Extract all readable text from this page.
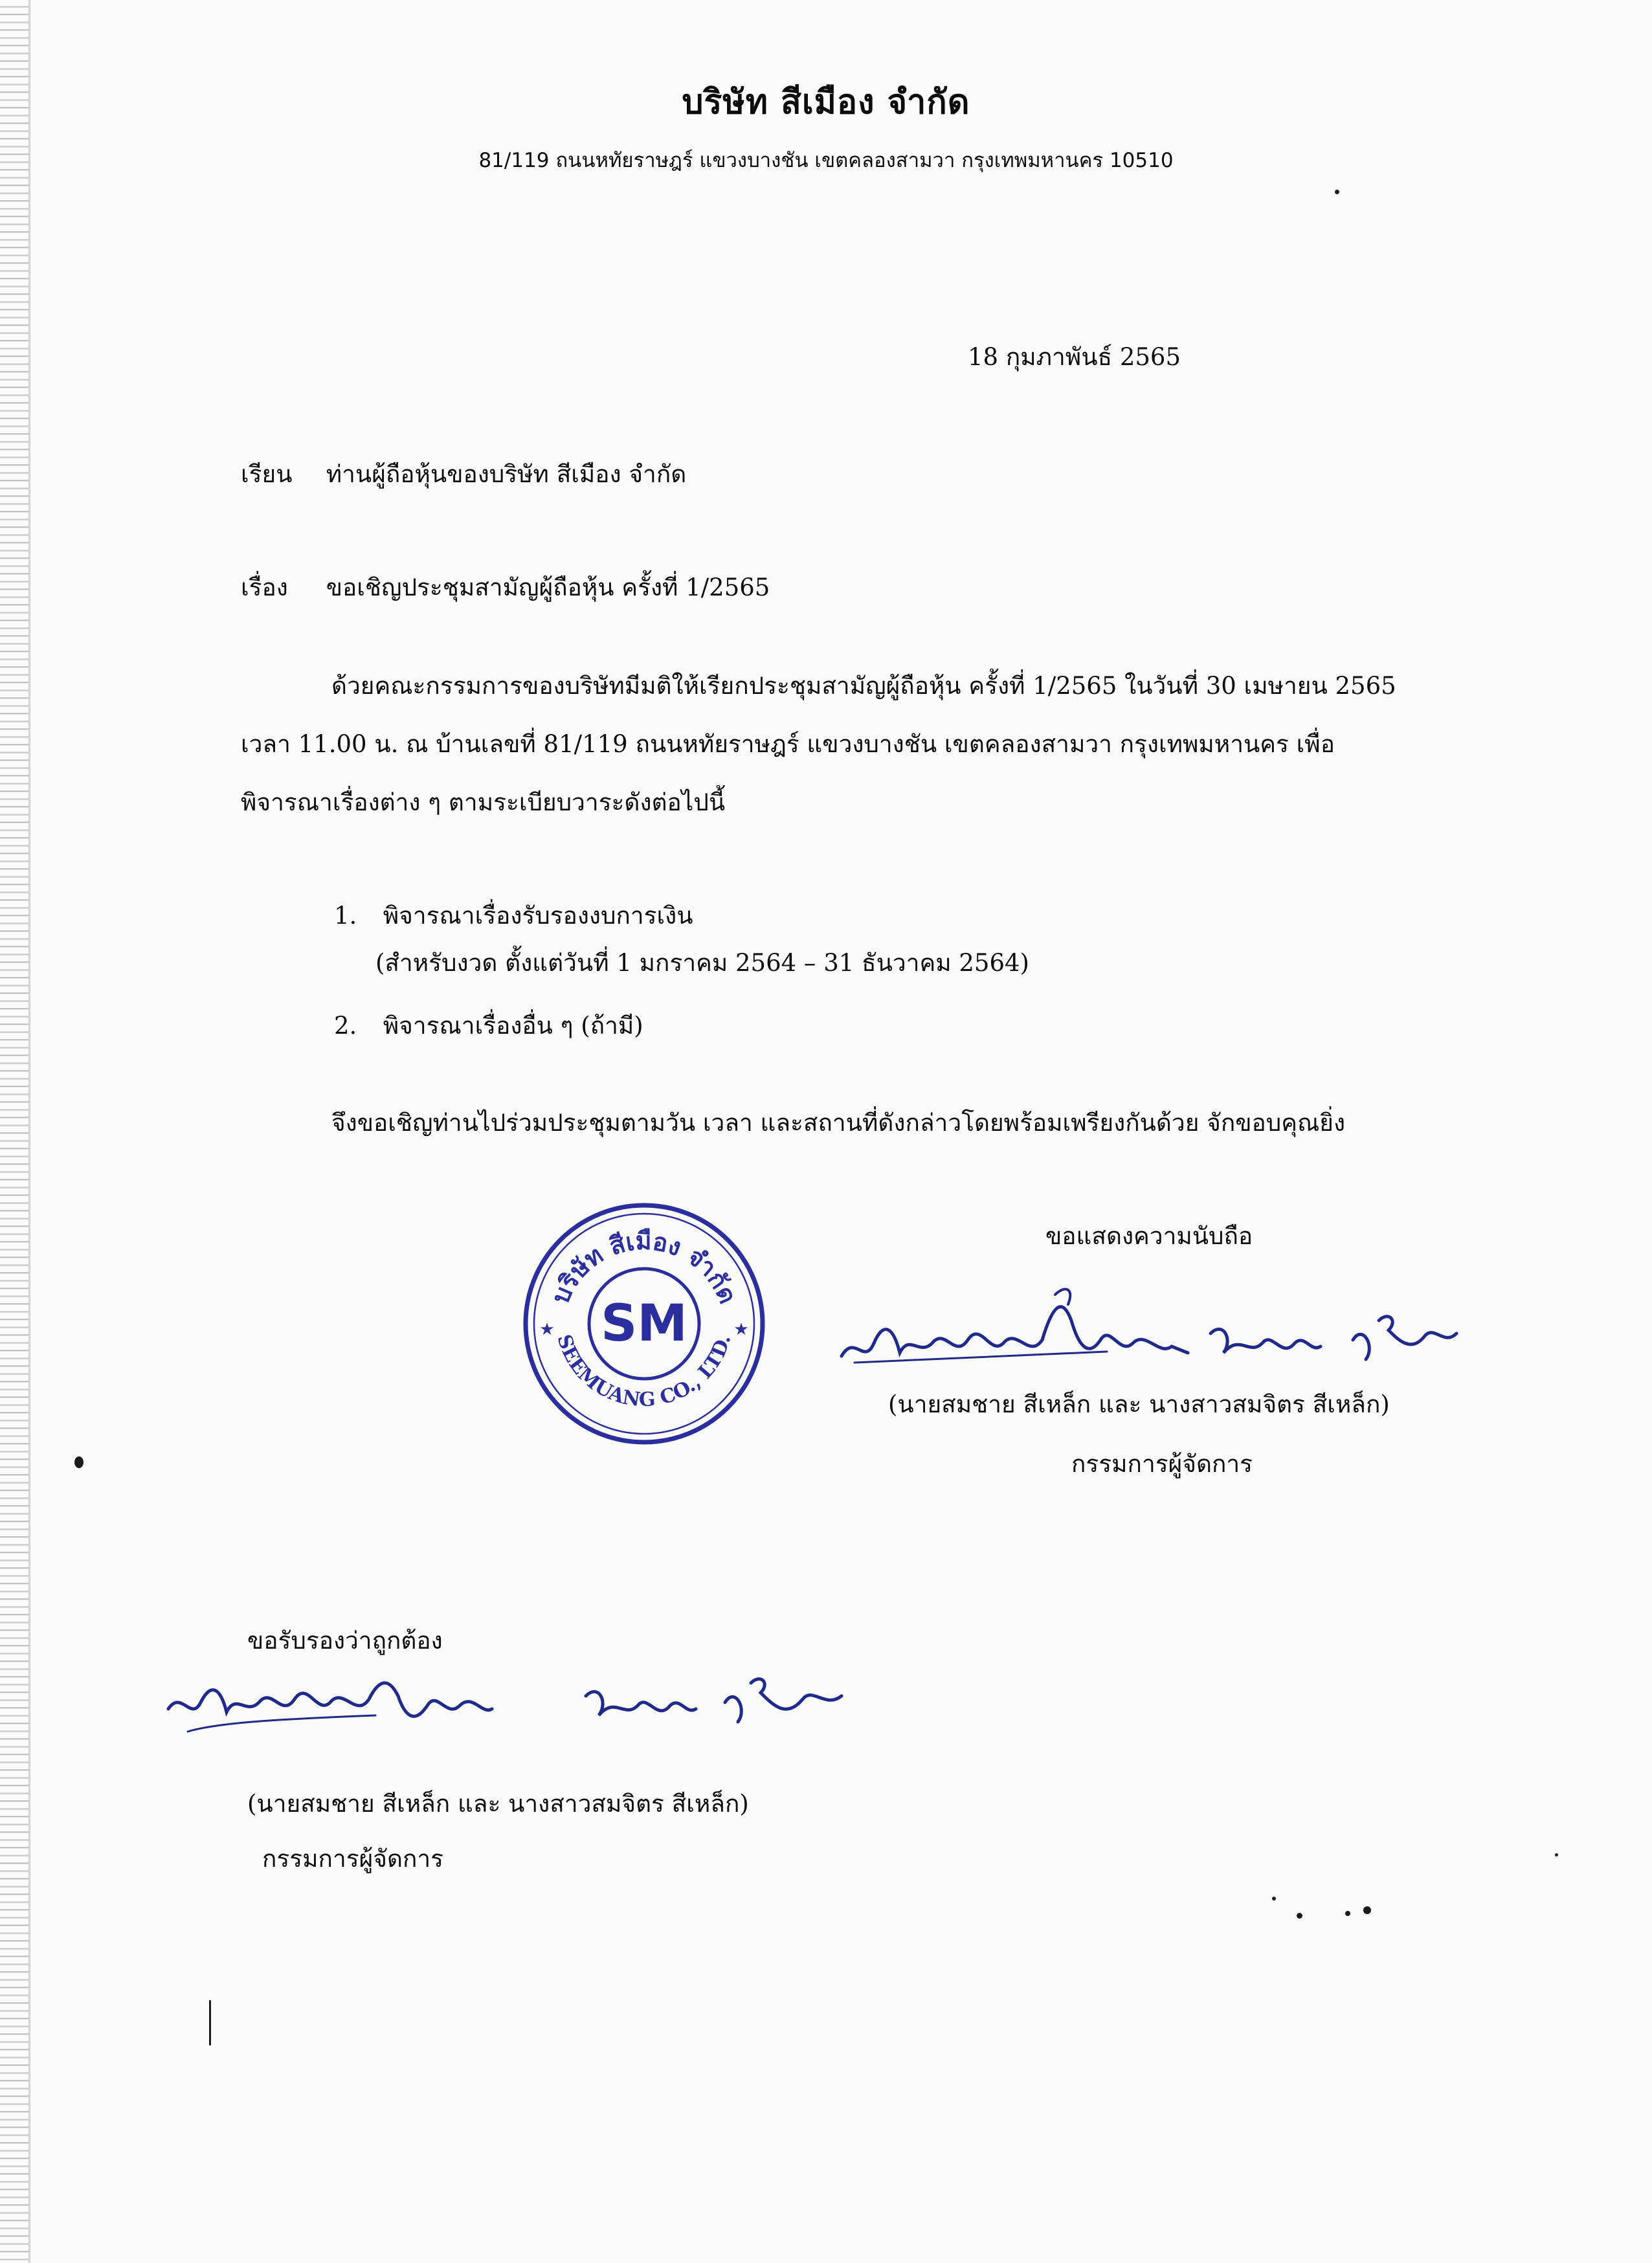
บริษัท สีเมือง จำกัด
81/119 ถนนหทัยราษฎร์ แขวงบางชัน เขตคลองสามวา กรุงเทพมหานคร 10510
18 กุมภาพันธ์ 2565
เรียน ท่านผู้ถือหุ้นของบริษัท สีเมือง จำกัด
เรื่อง ขอเชิญประชุมสามัญผู้ถือหุ้น ครั้งที่ 1/2565
ด้วยคณะกรรมการของบริษัทมีมติให้เรียกประชุมสามัญผู้ถือหุ้น ครั้งที่ 1/2565 ในวันที่ 30 เมษายน 2565
เวลา 11.00 น. ณ บ้านเลขที่ 81/119 ถนนหทัยราษฎร์ แขวงบางชัน เขตคลองสามวา กรุงเทพมหานคร เพื่อ
พิจารณาเรื่องต่าง ๆ ตามระเบียบวาระดังต่อไปนี้
1. พิจารณาเรื่องรับรองงบการเงิน
(สำหรับงวด ตั้งแต่วันที่ 1 มกราคม 2564 – 31 ธันวาคม 2564)
2. พิจารณาเรื่องอื่น ๆ (ถ้ามี)
จึงขอเชิญท่านไปร่วมประชุมตามวัน เวลา และสถานที่ดังกล่าวโดยพร้อมเพรียงกันด้วย จักขอบคุณยิ่ง
ขอแสดงความนับถือ
บริษัท สีเมือง จำกัด
SEEMUANG CO., LTD.
SM
★	★
(นายสมชาย สีเหล็ก และ นางสาวสมจิตร สีเหล็ก)
กรรมการผู้จัดการ
ขอรับรองว่าถูกต้อง
(นายสมชาย สีเหล็ก และ นางสาวสมจิตร สีเหล็ก)
กรรมการผู้จัดการ
